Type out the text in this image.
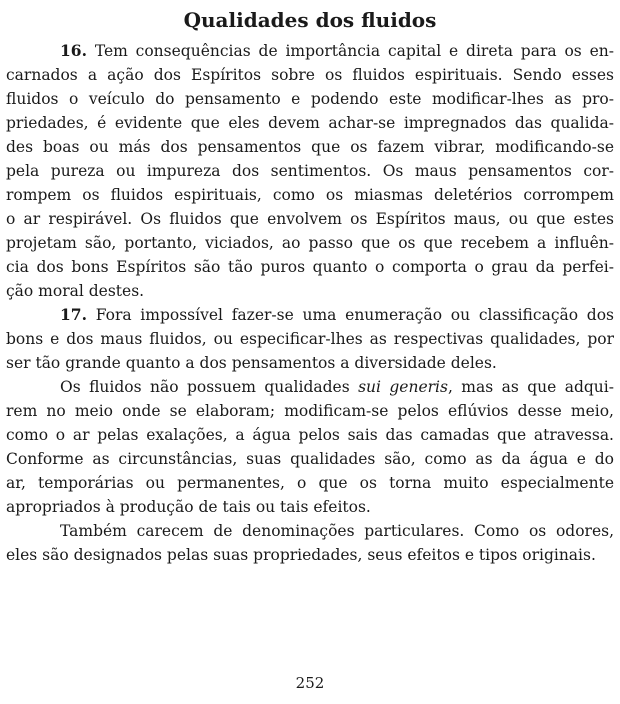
Qualidades dos fluidos
16. Tem consequências de importância capital e direta para os en-
carnados a ação dos Espíritos sobre os fluidos espirituais. Sendo esses
fluidos o veículo do pensamento e podendo este modificar-lhes as pro-
priedades, é evidente que eles devem achar-se impregnados das qualida-
des boas ou más dos pensamentos que os fazem vibrar, modificando-se
pela pureza ou impureza dos sentimentos. Os maus pensamentos cor-
rompem os fluidos espirituais, como os miasmas deletérios corrompem
o ar respirável. Os fluidos que envolvem os Espíritos maus, ou que estes
projetam são, portanto, viciados, ao passo que os que recebem a influên-
cia dos bons Espíritos são tão puros quanto o comporta o grau da perfei-
ção moral destes.
17. Fora impossível fazer-se uma enumeração ou classificação dos
bons e dos maus fluidos, ou especificar-lhes as respectivas qualidades, por
ser tão grande quanto a dos pensamentos a diversidade deles.
Os fluidos não possuem qualidades sui generis, mas as que adqui-
rem no meio onde se elaboram; modificam-se pelos eflúvios desse meio,
como o ar pelas exalações, a água pelos sais das camadas que atravessa.
Conforme as circunstâncias, suas qualidades são, como as da água e do
ar, temporárias ou permanentes, o que os torna muito especialmente
apropriados à produção de tais ou tais efeitos.
Também carecem de denominações particulares. Como os odores,
eles são designados pelas suas propriedades, seus efeitos e tipos originais.
252
